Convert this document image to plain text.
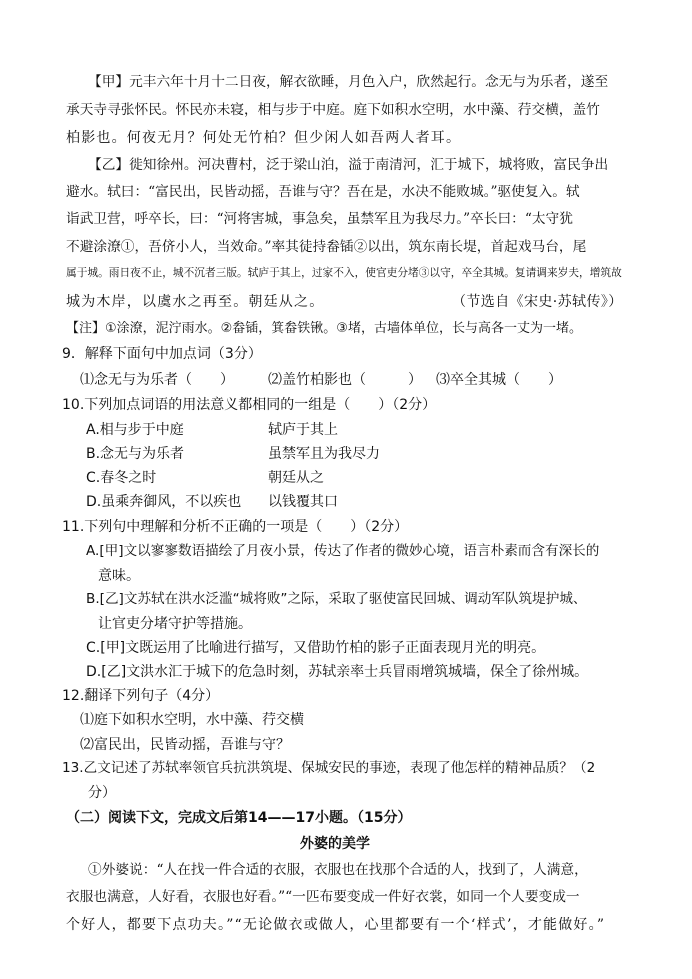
【甲】元丰六年十月十二日夜，解衣欲睡，月色入户，欣然起行。念无与为乐者，遂至
承天寺寻张怀民。怀民亦未寝，相与步于中庭。庭下如积水空明，水中藻、荇交横，盖竹
柏影也。何夜无月？何处无竹柏？但少闲人如吾两人者耳。
【乙】徙知徐州。河决曹村，泛于梁山泊，溢于南清河，汇于城下，城将败，富民争出
避水。轼曰：“富民出，民皆动摇，吾谁与守？吾在是，水决不能败城。”驱使复入。轼
诣武卫营，呼卒长，曰：“河将害城，事急矣，虽禁军且为我尽力。”卒长曰：“太守犹
不避涂潦①，吾侪小人，当效命。”率其徒持畚锸②以出，筑东南长堤，首起戏马台，尾
属于城。雨日夜不止，城不沉者三版。轼庐于其上，过家不入，使官吏分堵③以守，卒全其城。复请调来岁夫，增筑故
城为木岸，以虞水之再至。朝廷从之。	（节选自《宋史·苏轼传》）
【注】①涂潦，泥泞雨水。②畚锸，箕畚铁锹。③堵，古墙体单位，长与高各一丈为一堵。
9．解释下面句中加点词（3分）
⑴念无与为乐者（　　） ⑵盖竹柏影也（　　　） ⑶卒全其城（　　）
10.下列加点词语的用法意义都相同的一组是（　　）（2分）
A.相与步于中庭	轼庐于其上
B.念无与为乐者	虽禁军且为我尽力
C.春冬之时	朝廷从之
D.虽乘奔御风，不以疾也 以钱覆其口
11.下列句中理解和分析不正确的一项是（　　）（2分）
A.[甲]文以寥寥数语描绘了月夜小景，传达了作者的微妙心境，语言朴素而含有深长的
意味。
B.[乙]文苏轼在洪水泛滥“城将败”之际，采取了驱使富民回城、调动军队筑堤护城、
让官吏分堵守护等措施。
C.[甲]文既运用了比喻进行描写，又借助竹柏的影子正面表现月光的明亮。
D.[乙]文洪水汇于城下的危急时刻，苏轼亲率士兵冒雨增筑城墙，保全了徐州城。
12.翻译下列句子（4分）
⑴庭下如积水空明，水中藻、荇交横
⑵富民出，民皆动摇，吾谁与守？
13.乙文记述了苏轼率领官兵抗洪筑堤、保城安民的事迹，表现了他怎样的精神品质？（2
分）
（二）阅读下文，完成文后第14——17小题。（15分）
外婆的美学
①外婆说：“人在找一件合适的衣服，衣服也在找那个合适的人，找到了，人满意，
衣服也满意，人好看，衣服也好看。”“一匹布要变成一件好衣裳，如同一个人要变成一
个好人，都要下点功夫。”“无论做衣或做人，心里都要有一个‘样式’，才能做好。”
